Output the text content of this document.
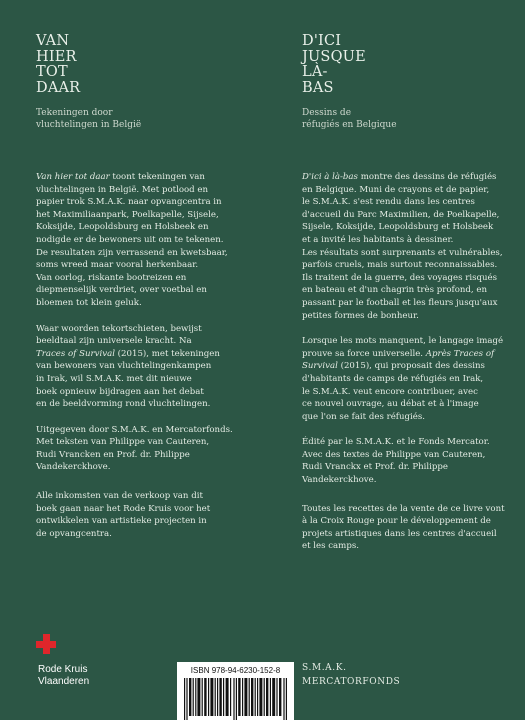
VAN
HIER
TOT
DAAR
Tekeningen door
vluchtelingen in België
Van hier tot daar toont tekeningen van
vluchtelingen in België. Met potlood en
papier trok S.M.A.K. naar opvangcentra in
het Maximiliaanpark, Poelkapelle, Sijsele,
Koksijde, Leopoldsburg en Holsbeek en
nodigde er de bewoners uit om te tekenen.
De resultaten zijn verrassend en kwetsbaar,
soms wreed maar vooral herkenbaar.
Van oorlog, riskante bootreizen en
diepmenselijk verdriet, over voetbal en
bloemen tot klein geluk.
Waar woorden tekortschieten, bewijst
beeldtaal zijn universele kracht. Na
Traces of Survival (2015), met tekeningen
van bewoners van vluchtelingenkampen
in Irak, wil S.M.A.K. met dit nieuwe
boek opnieuw bijdragen aan het debat
en de beeldvorming rond vluchtelingen.
Uitgegeven door S.M.A.K. en Mercatorfonds.
Met teksten van Philippe van Cauteren,
Rudi Vrancken en Prof. dr. Philippe
Vandekerckhove.
Alle inkomsten van de verkoop van dit
boek gaan naar het Rode Kruis voor het
ontwikkelen van artistieke projecten in
de opvangcentra.
D'ICI
JUSQUE
LÀ-
BAS
Dessins de
réfugiés en Belgique
D'ici à là-bas montre des dessins de réfugiés
en Belgique. Muni de crayons et de papier,
le S.M.A.K. s'est rendu dans les centres
d'accueil du Parc Maximilien, de Poelkapelle,
Sijsele, Koksijde, Leopoldsburg et Holsbeek
et a invité les habitants à dessiner.
Les résultats sont surprenants et vulnérables,
parfois cruels, mais surtout reconnaissables.
Ils traitent de la guerre, des voyages risqués
en bateau et d'un chagrin très profond, en
passant par le football et les fleurs jusqu'aux
petites formes de bonheur.
Lorsque les mots manquent, le langage imagé
prouve sa force universelle. Après Traces of
Survival (2015), qui proposait des dessins
d'habitants de camps de réfugiés en Irak,
le S.M.A.K. veut encore contribuer, avec
ce nouvel ouvrage, au débat et à l'image
que l'on se fait des réfugiés.
Édité par le S.M.A.K. et le Fonds Mercator.
Avec des textes de Philippe van Cauteren,
Rudi Vranckx et Prof. dr. Philippe
Vandekerckhove.
Toutes les recettes de la vente de ce livre vont
à la Croix Rouge pour le développement de
projets artistiques dans les centres d'accueil
et les camps.
Rode Kruis
Vlaanderen
ISBN 978-94-6230-152-8	S.M.A.K.
MERCATORFONDS
